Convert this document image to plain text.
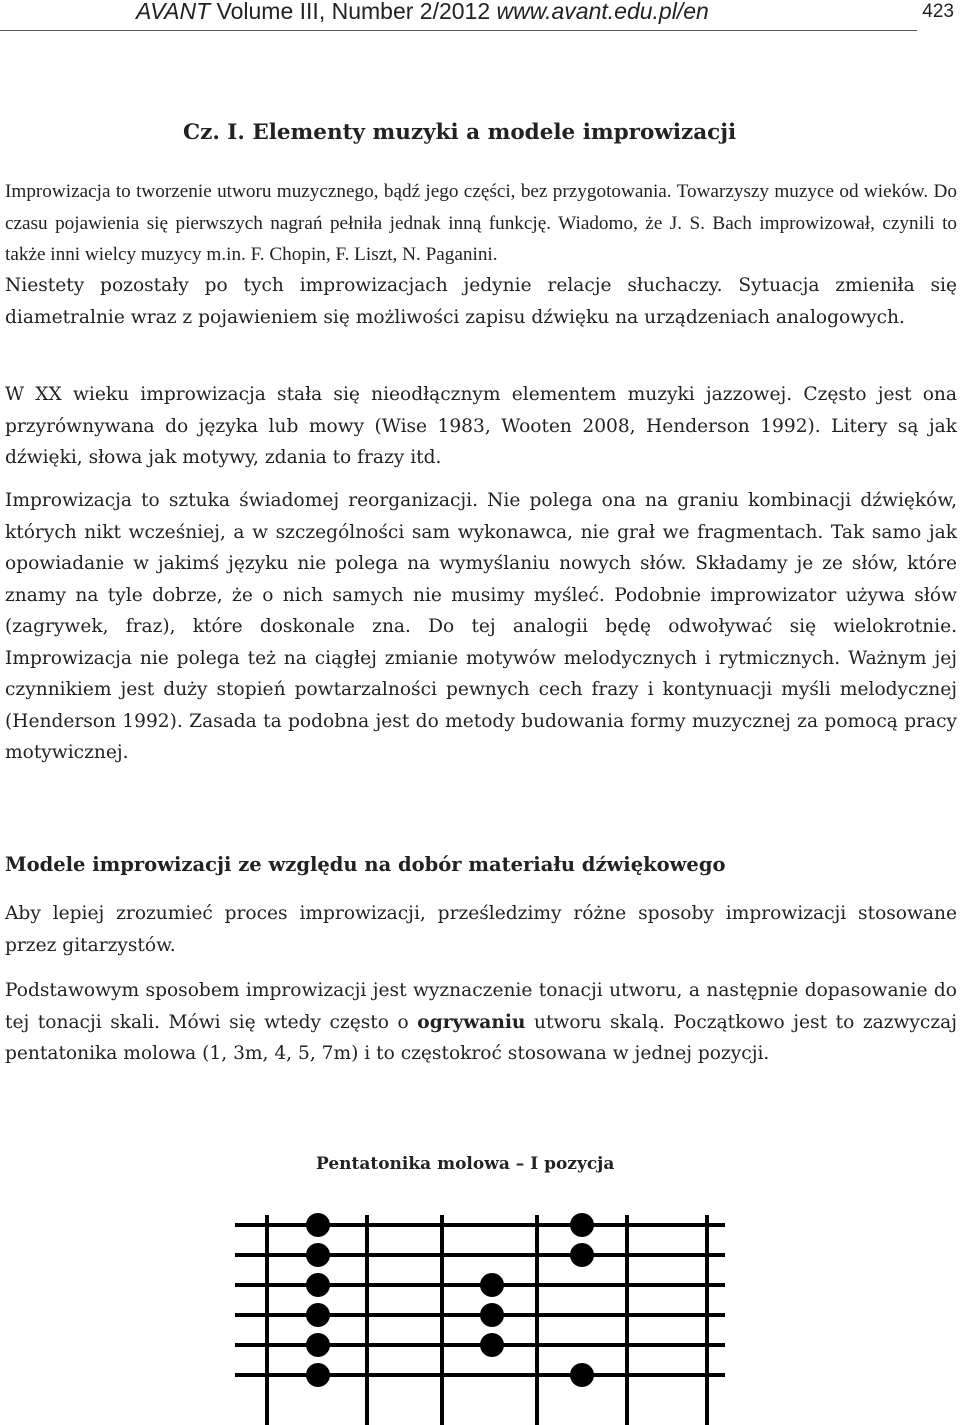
AVANT Volume III, Number 2/2012 www.avant.edu.pl/en	423
Cz. I. Elementy muzyki a modele improwizacji
Improwizacja to tworzenie utworu muzycznego, bądź jego części, bez przygotowania. Towarzyszy muzyce od wieków. Do czasu pojawienia się pierwszych nagrań pełniła jednak inną funkcję. Wiadomo, że J. S. Bach improwizował, czynili to także inni wielcy muzycy m.in. F. Chopin, F. Liszt, N. Paganini.
Niestety pozostały po tych improwizacjach jedynie relacje słuchaczy. Sytuacja zmieniła się diametralnie wraz z pojawieniem się możliwości zapisu dźwięku na urządzeniach analogowych.
W XX wieku improwizacja stała się nieodłącznym elementem muzyki jazzowej. Często jest ona przyrównywana do języka lub mowy (Wise 1983, Wooten 2008, Henderson 1992). Litery są jak dźwięki, słowa jak motywy, zdania to frazy itd.
Improwizacja to sztuka świadomej reorganizacji. Nie polega ona na graniu kombinacji dźwięków, których nikt wcześniej, a w szczególności sam wykonawca, nie grał we fragmentach. Tak samo jak opowiadanie w jakimś języku nie polega na wymyślaniu nowych słów. Składamy je ze słów, które znamy na tyle dobrze, że o nich samych nie musimy myśleć. Podobnie improwizator używa słów (zagrywek, fraz), które doskonale zna. Do tej analogii będę odwoływać się wielokrotnie. Improwizacja nie polega też na ciągłej zmianie motywów melodycznych i rytmicznych. Ważnym jej czynnikiem jest duży stopień powtarzalności pewnych cech frazy i kontynuacji myśli melodycznej (Henderson 1992). Zasada ta podobna jest do metody budowania formy muzycznej za pomocą pracy motywicznej.
Modele improwizacji ze względu na dobór materiału dźwiękowego
Aby lepiej zrozumieć proces improwizacji, prześledzimy różne sposoby improwizacji stosowane przez gitarzystów.
Podstawowym sposobem improwizacji jest wyznaczenie tonacji utworu, a następnie dopasowanie do tej tonacji skali. Mówi się wtedy często o ogrywaniu utworu skalą. Początkowo jest to zazwyczaj pentatonika molowa (1, 3m, 4, 5, 7m) i to częstokroć stosowana w jednej pozycji.
Pentatonika molowa – I pozycja
